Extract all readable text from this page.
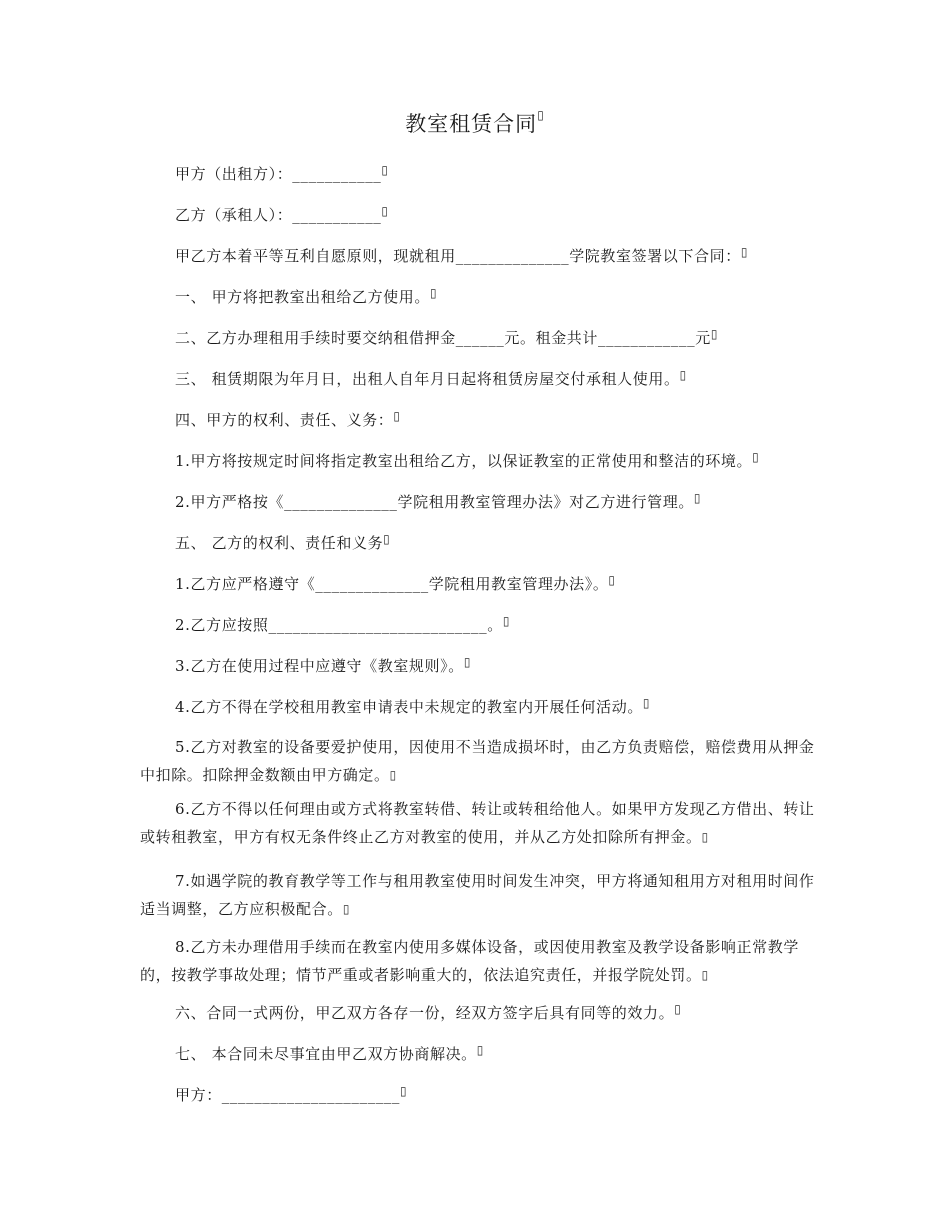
教室租赁合同▯
甲方（出租方）：___________▯
乙方（承租人）：___________▯
甲乙方本着平等互利自愿原则，现就租用______________学院教室签署以下合同：▯
一、 甲方将把教室出租给乙方使用。▯
二、乙方办理租用手续时要交纳租借押金______元。租金共计____________元▯
三、 租赁期限为年月日，出租人自年月日起将租赁房屋交付承租人使用。▯
四、甲方的权利、责任、义务：▯
1.甲方将按规定时间将指定教室出租给乙方，以保证教室的正常使用和整洁的环境。▯
2.甲方严格按《______________学院租用教室管理办法》对乙方进行管理。▯
五、 乙方的权利、责任和义务▯
1.乙方应严格遵守《______________学院租用教室管理办法》。▯
2.乙方应按照___________________________。▯
3.乙方在使用过程中应遵守《教室规则》。▯
4.乙方不得在学校租用教室申请表中未规定的教室内开展任何活动。▯
5.乙方对教室的设备要爱护使用，因使用不当造成损坏时，由乙方负责赔偿，赔偿费用从押金中扣除。扣除押金数额由甲方确定。▯
6.乙方不得以任何理由或方式将教室转借、转让或转租给他人。如果甲方发现乙方借出、转让或转租教室，甲方有权无条件终止乙方对教室的使用，并从乙方处扣除所有押金。▯
7.如遇学院的教育教学等工作与租用教室使用时间发生冲突，甲方将通知租用方对租用时间作适当调整，乙方应积极配合。▯
8.乙方未办理借用手续而在教室内使用多媒体设备，或因使用教室及教学设备影响正常教学的，按教学事故处理；情节严重或者影响重大的，依法追究责任，并报学院处罚。▯
六、合同一式两份，甲乙双方各存一份，经双方签字后具有同等的效力。▯
七、 本合同未尽事宜由甲乙双方协商解决。▯
甲方：______________________▯
